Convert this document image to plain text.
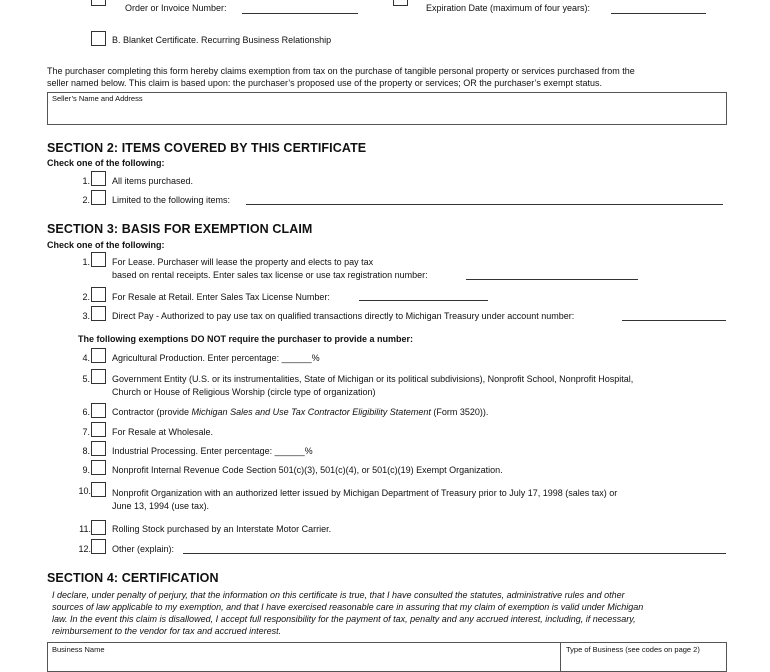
Order or Invoice Number:	Expiration Date (maximum of four years):
B. Blanket Certificate. Recurring Business Relationship
The purchaser completing this form hereby claims exemption from tax on the purchase of tangible personal property or services purchased from the
seller named below. This claim is based upon: the purchaser’s proposed use of the property or services; OR the purchaser’s exempt status.
Seller’s Name and Address
SECTION 2: ITEMS COVERED BY THIS CERTIFICATE
Check one of the following:
1. All items purchased.
2. Limited to the following items:
SECTION 3: BASIS FOR EXEMPTION CLAIM
Check one of the following:
1. For Lease. Purchaser will lease the property and elects to pay tax
based on rental receipts. Enter sales tax license or use tax registration number:
2. For Resale at Retail. Enter Sales Tax License Number:
3. Direct Pay - Authorized to pay use tax on qualified transactions directly to Michigan Treasury under account number:
The following exemptions DO NOT require the purchaser to provide a number:
4. Agricultural Production. Enter percentage: ______%
5. Government Entity (U.S. or its instrumentalities, State of Michigan or its political subdivisions), Nonprofit School, Nonprofit Hospital,
Church or House of Religious Worship (circle type of organization)
6. Contractor (provide Michigan Sales and Use Tax Contractor Eligibility Statement (Form 3520)).
7. For Resale at Wholesale.
8. Industrial Processing. Enter percentage: ______%
9. Nonprofit Internal Revenue Code Section 501(c)(3), 501(c)(4), or 501(c)(19) Exempt Organization.
10. Nonprofit Organization with an authorized letter issued by Michigan Department of Treasury prior to July 17, 1998 (sales tax) or
June 13, 1994 (use tax).
11. Rolling Stock purchased by an Interstate Motor Carrier.
12. Other (explain):
SECTION 4: CERTIFICATION
I declare, under penalty of perjury, that the information on this certificate is true, that I have consulted the statutes, administrative rules and other
sources of law applicable to my exemption, and that I have exercised reasonable care in assuring that my claim of exemption is valid under Michigan
law. In the event this claim is disallowed, I accept full responsibility for the payment of tax, penalty and any accrued interest, including, if necessary,
reimbursement to the vendor for tax and accrued interest.
Business Name	Type of Business (see codes on page 2)
